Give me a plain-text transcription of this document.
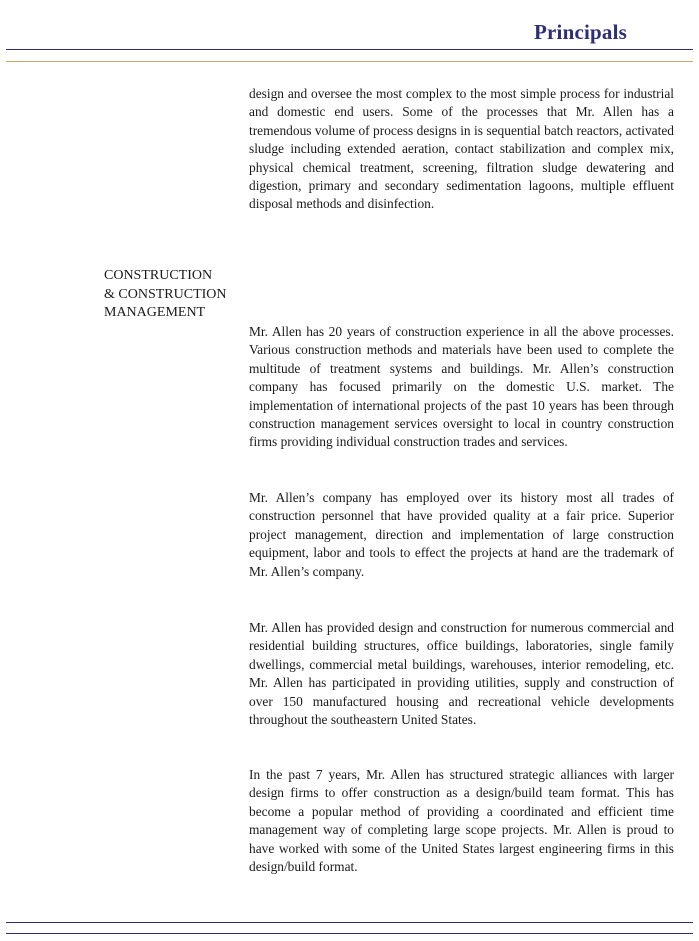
Principals

design and oversee the most complex to the most simple process for industrial and domestic end users. Some of the processes that Mr. Allen has a tremendous volume of process designs in is sequential batch reactors, activated sludge including extended aeration, contact stabilization and complex mix, physical chemical treatment, screening, filtration sludge dewatering and digestion, primary and secondary sedimentation lagoons, multiple effluent disposal methods and disinfection.

CONSTRUCTION
& CONSTRUCTION
MANAGEMENT

Mr. Allen has 20 years of construction experience in all the above processes. Various construction methods and materials have been used to complete the multitude of treatment systems and buildings. Mr. Allen’s construction company has focused primarily on the domestic U.S. market. The implementation of international projects of the past 10 years has been through construction management services oversight to local in country construction firms providing individual construction trades and services.

Mr. Allen’s company has employed over its history most all trades of construction personnel that have provided quality at a fair price. Superior project management, direction and implementation of large construction equipment, labor and tools to effect the projects at hand are the trademark of Mr. Allen’s company.

Mr. Allen has provided design and construction for numerous commercial and residential building structures, office buildings, laboratories, single family dwellings, commercial metal buildings, warehouses, interior remodeling, etc. Mr. Allen has participated in providing utilities, supply and construction of over 150 manufactured housing and recreational vehicle developments throughout the southeastern United States.

In the past 7 years, Mr. Allen has structured strategic alliances with larger design firms to offer construction as a design/build team format. This has become a popular method of providing a coordinated and efficient time management way of completing large scope projects. Mr. Allen is proud to have worked with some of the United States largest engineering firms in this design/build format.
